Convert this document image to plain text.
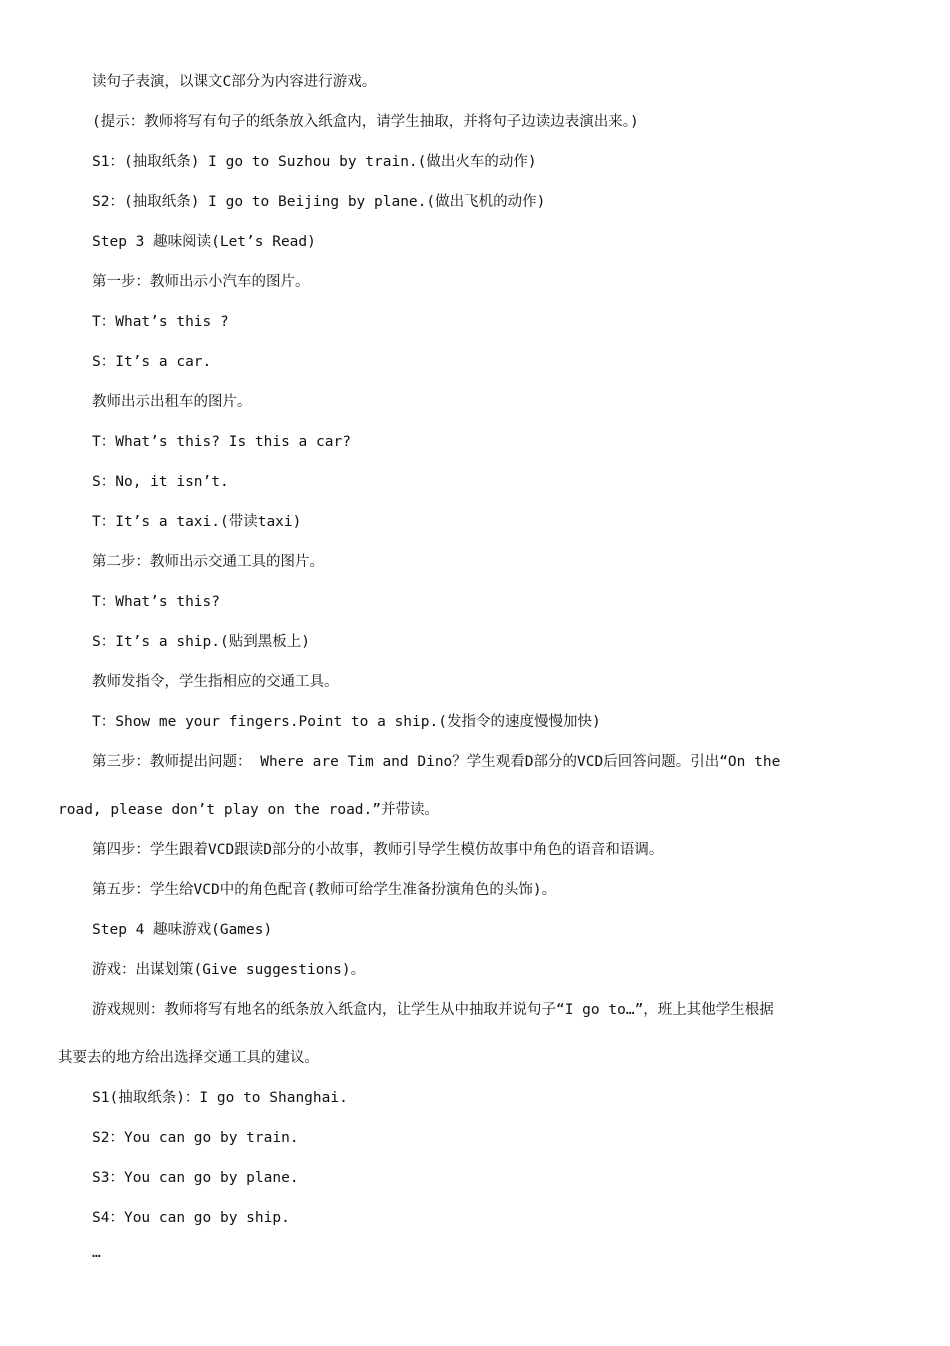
读句子表演，以课文C部分为内容进行游戏。
(提示：教师将写有句子的纸条放入纸盒内，请学生抽取，并将句子边读边表演出来。)
S1：(抽取纸条) I go to Suzhou by train.(做出火车的动作)
S2：(抽取纸条) I go to Beijing by plane.(做出飞机的动作)
Step 3 趣味阅读(Let’s Read)
第一步：教师出示小汽车的图片。
T：What’s this ?
S：It’s a car.
教师出示出租车的图片。
T：What’s this? Is this a car?
S：No, it isn’t.
T：It’s a taxi.(带读taxi)
第二步：教师出示交通工具的图片。
T：What’s this?
S：It’s a ship.(贴到黑板上)
教师发指令，学生指相应的交通工具。
T：Show me your fingers.Point to a ship.(发指令的速度慢慢加快)
第三步：教师提出问题： Where are Tim and Dino？学生观看D部分的VCD后回答问题。引出“On the
road, please don’t play on the road.”并带读。
第四步：学生跟着VCD跟读D部分的小故事，教师引导学生模仿故事中角色的语音和语调。
第五步：学生给VCD中的角色配音(教师可给学生准备扮演角色的头饰)。
Step 4 趣味游戏(Games)
游戏：出谋划策(Give suggestions)。
游戏规则：教师将写有地名的纸条放入纸盒内，让学生从中抽取并说句子“I go to…”，班上其他学生根据
其要去的地方给出选择交通工具的建议。
S1(抽取纸条)：I go to Shanghai.
S2：You can go by train.
S3：You can go by plane.
S4：You can go by ship.
…
